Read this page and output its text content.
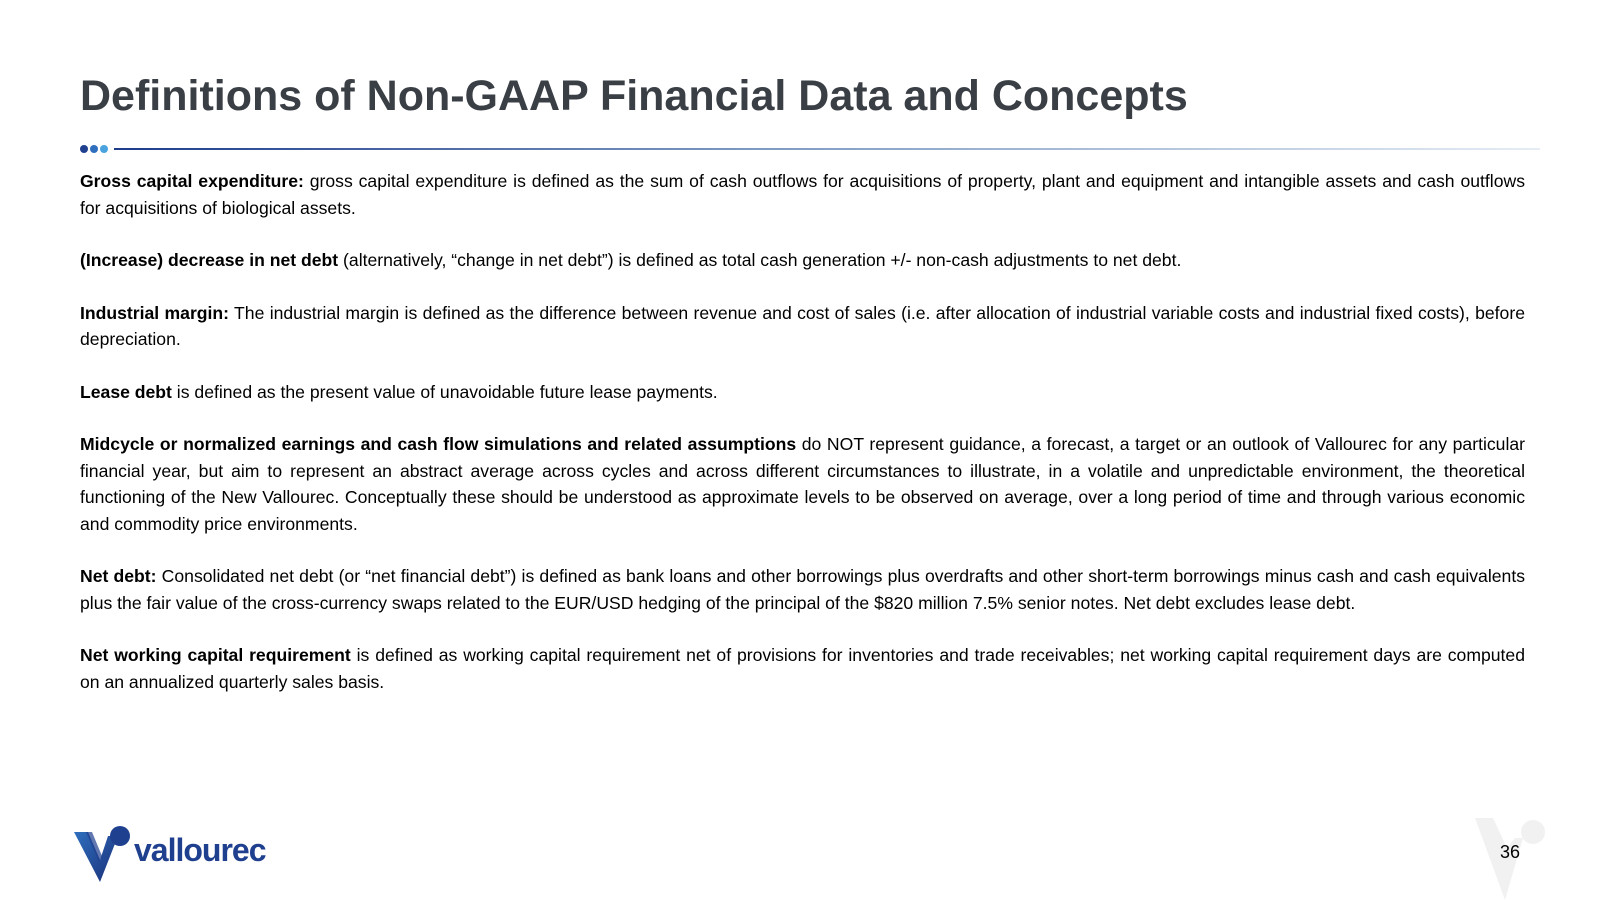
Definitions of Non-GAAP Financial Data and Concepts

Gross capital expenditure: gross capital expenditure is defined as the sum of cash outflows for acquisitions of property, plant and equipment and intangible assets and cash outflows for acquisitions of biological assets.

(Increase) decrease in net debt (alternatively, “change in net debt”) is defined as total cash generation +/- non-cash adjustments to net debt.

Industrial margin: The industrial margin is defined as the difference between revenue and cost of sales (i.e. after allocation of industrial variable costs and industrial fixed costs), before depreciation.

Lease debt is defined as the present value of unavoidable future lease payments.

Midcycle or normalized earnings and cash flow simulations and related assumptions do NOT represent guidance, a forecast, a target or an outlook of Vallourec for any particular financial year, but aim to represent an abstract average across cycles and across different circumstances to illustrate, in a volatile and unpredictable environment, the theoretical functioning of the New Vallourec. Conceptually these should be understood as approximate levels to be observed on average, over a long period of time and through various economic and commodity price environments.

Net debt: Consolidated net debt (or “net financial debt”) is defined as bank loans and other borrowings plus overdrafts and other short-term borrowings minus cash and cash equivalents plus the fair value of the cross-currency swaps related to the EUR/USD hedging of the principal of the $820 million 7.5% senior notes. Net debt excludes lease debt.

Net working capital requirement is defined as working capital requirement net of provisions for inventories and trade receivables; net working capital requirement days are computed on an annualized quarterly sales basis.

vallourec	36
